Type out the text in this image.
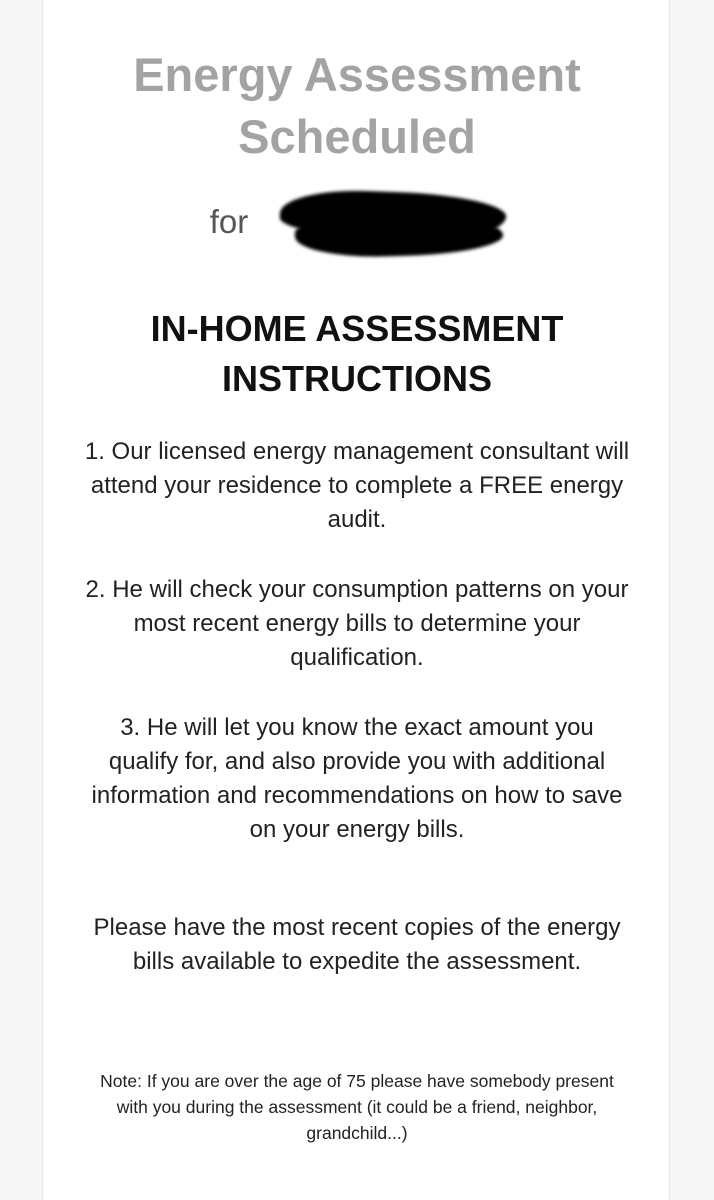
Energy Assessment
Scheduled
for
IN-HOME ASSESSMENT
INSTRUCTIONS

1. Our licensed energy management consultant will attend your residence to complete a FREE energy audit.

2. He will check your consumption patterns on your most recent energy bills to determine your qualification.

3. He will let you know the exact amount you qualify for, and also provide you with additional information and recommendations on how to save on your energy bills.

Please have the most recent copies of the energy bills available to expedite the assessment.

Note: If you are over the age of 75 please have somebody present with you during the assessment (it could be a friend, neighbor, grandchild...)
